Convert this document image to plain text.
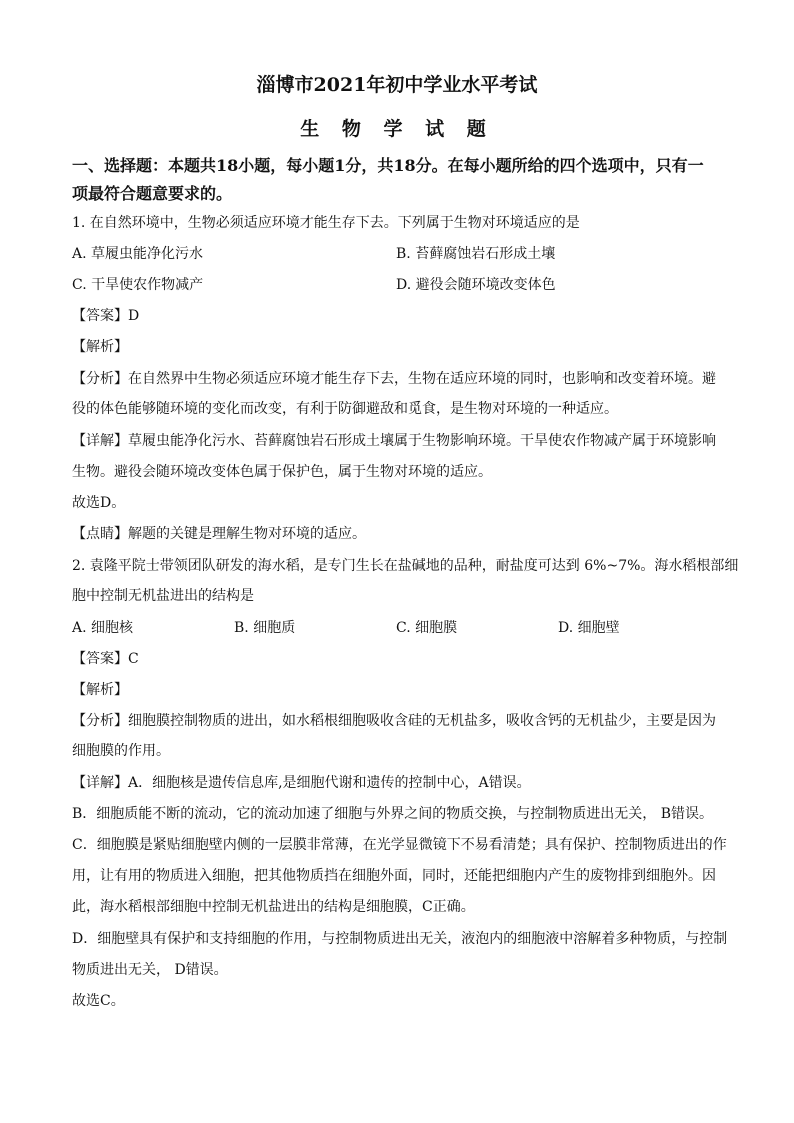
淄博市2021年初中学业水平考试
生 物 学 试 题
一、选择题：本题共18小题，每小题1分，共18分。在每小题所给的四个选项中，只有一
项最符合题意要求的。
1. 在自然环境中，生物必须适应环境才能生存下去。下列属于生物对环境适应的是
A. 草履虫能净化污水	B. 苔藓腐蚀岩石形成土壤
C. 干旱使农作物减产	D. 避役会随环境改变体色
【答案】D
【解析】
【分析】在自然界中生物必须适应环境才能生存下去，生物在适应环境的同时，也影响和改变着环境。避
役的体色能够随环境的变化而改变，有利于防御避敌和觅食，是生物对环境的一种适应。
【详解】草履虫能净化污水、苔藓腐蚀岩石形成土壤属于生物影响环境。干旱使农作物减产属于环境影响
生物。避役会随环境改变体色属于保护色，属于生物对环境的适应。
故选D。
【点睛】解题的关键是理解生物对环境的适应。
2. 袁隆平院士带领团队研发的海水稻，是专门生长在盐碱地的品种，耐盐度可达到 6%~7%。海水稻根部细
胞中控制无机盐进出的结构是
A. 细胞核	B. 细胞质	C. 细胞膜	D. 细胞壁
【答案】C
【解析】
【分析】细胞膜控制物质的进出，如水稻根细胞吸收含硅的无机盐多，吸收含钙的无机盐少，主要是因为
细胞膜的作用。
【详解】A．细胞核是遗传信息库,是细胞代谢和遗传的控制中心，A错误。
B．细胞质能不断的流动，它的流动加速了细胞与外界之间的物质交换，与控制物质进出无关， B错误。
C．细胞膜是紧贴细胞壁内侧的一层膜非常薄，在光学显微镜下不易看清楚；具有保护、控制物质进出的作
用，让有用的物质进入细胞，把其他物质挡在细胞外面，同时，还能把细胞内产生的废物排到细胞外。因
此，海水稻根部细胞中控制无机盐进出的结构是细胞膜，C正确。
D．细胞壁具有保护和支持细胞的作用，与控制物质进出无关，液泡内的细胞液中溶解着多种物质，与控制
物质进出无关， D错误。
故选C。
